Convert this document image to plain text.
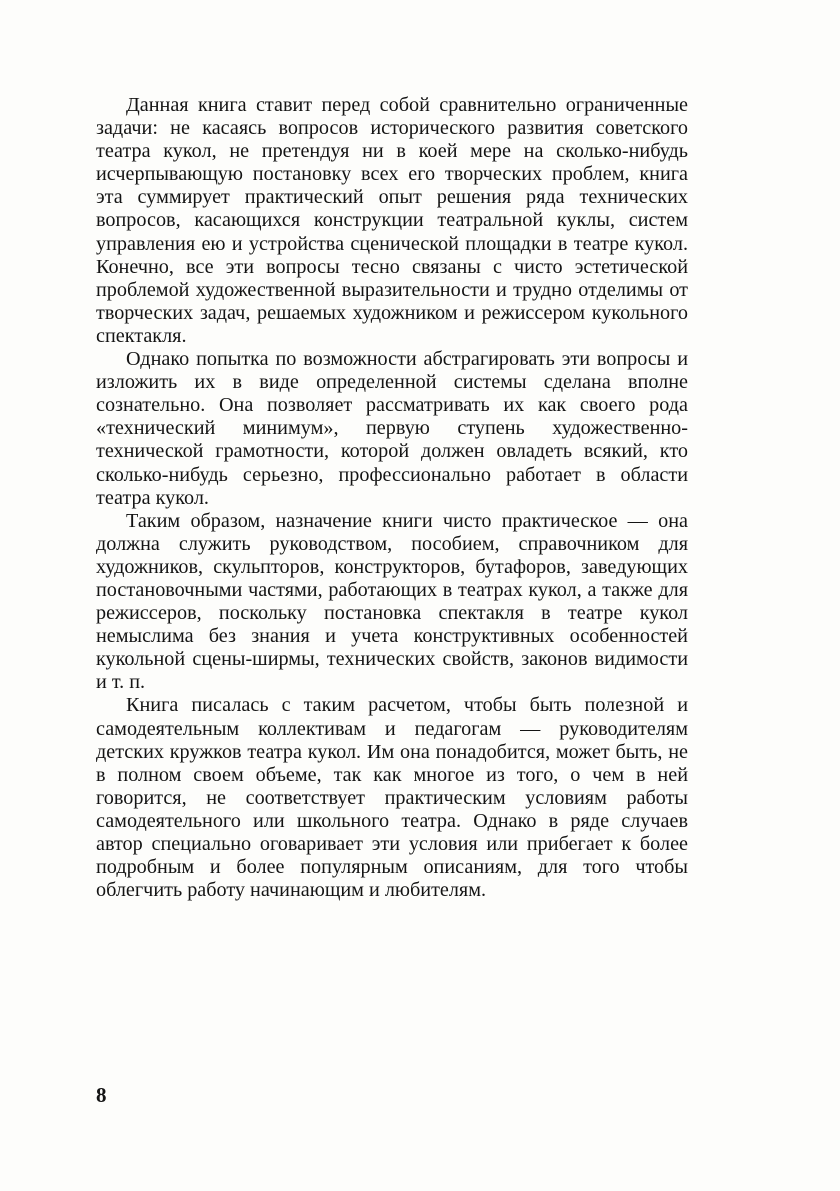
Данная книга ставит перед собой сравнительно ограниченные задачи: не касаясь вопросов исторического развития советского театра кукол, не претендуя ни в коей мере на сколько-нибудь исчерпывающую постановку всех его творческих проблем, книга эта суммирует практический опыт решения ряда технических вопросов, касающихся конструкции театральной куклы, систем управления ею и устройства сценической площадки в театре кукол. Конечно, все эти вопросы тесно связаны с чисто эстетической проблемой художественной выразительности и трудно отделимы от творческих задач, решаемых художником и режиссером кукольного спектакля.

Однако попытка по возможности абстрагировать эти вопросы и изложить их в виде определенной системы сделана вполне сознательно. Она позволяет рассматривать их как своего рода «технический минимум», первую ступень художественно-технической грамотности, которой должен овладеть всякий, кто сколько-нибудь серьезно, профессионально работает в области театра кукол.

Таким образом, назначение книги чисто практическое — она должна служить руководством, пособием, справочником для художников, скульпторов, конструкторов, бутафоров, заведующих постановочными частями, работающих в театрах кукол, а также для режиссеров, поскольку постановка спектакля в театре кукол немыслима без знания и учета конструктивных особенностей кукольной сцены-ширмы, технических свойств, законов видимости и т. п.

Книга писалась с таким расчетом, чтобы быть полезной и самодеятельным коллективам и педагогам — руководителям детских кружков театра кукол. Им она понадобится, может быть, не в полном своем объеме, так как многое из того, о чем в ней говорится, не соответствует практическим условиям работы самодеятельного или школьного театра. Однако в ряде случаев автор специально оговаривает эти условия или прибегает к более подробным и более популярным описаниям, для того чтобы облегчить работу начинающим и любителям.

8
